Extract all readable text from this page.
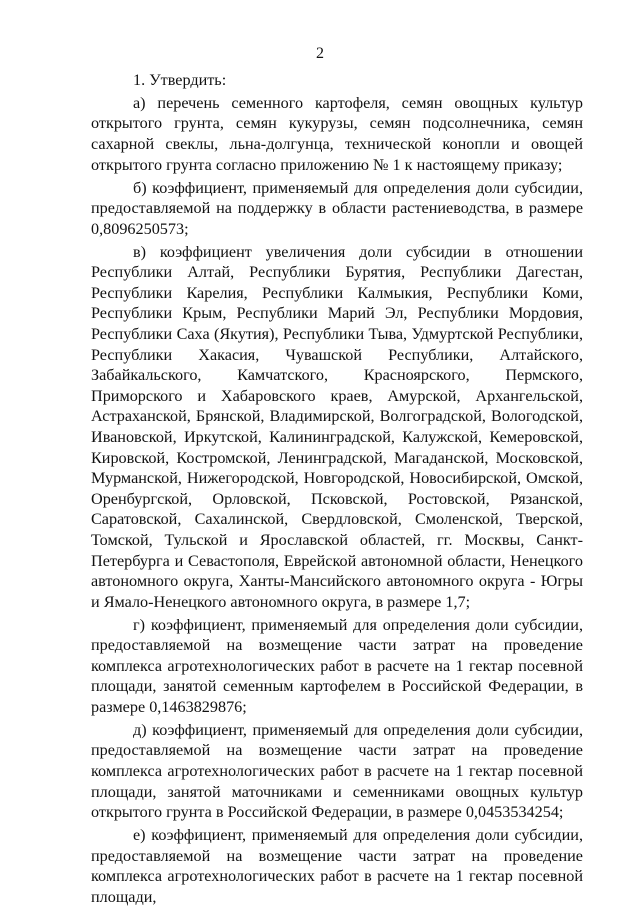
2

1. Утвердить:

а) перечень семенного картофеля, семян овощных культур открытого грунта, семян кукурузы, семян подсолнечника, семян сахарной свеклы, льна-долгунца, технической конопли и овощей открытого грунта согласно приложению № 1 к настоящему приказу;

б) коэффициент, применяемый для определения доли субсидии, предоставляемой на поддержку в области растениеводства, в размере 0,8096250573;

в) коэффициент увеличения доли субсидии в отношении Республики Алтай, Республики Бурятия, Республики Дагестан, Республики Карелия, Республики Калмыкия, Республики Коми, Республики Крым, Республики Марий Эл, Республики Мордовия, Республики Саха (Якутия), Республики Тыва, Удмуртской Республики, Республики Хакасия, Чувашской Республики, Алтайского, Забайкальского, Камчатского, Красноярского, Пермского, Приморского и Хабаровского краев, Амурской, Архангельской, Астраханской, Брянской, Владимирской, Волгоградской, Вологодской, Ивановской, Иркутской, Калининградской, Калужской, Кемеровской, Кировской, Костромской, Ленинградской, Магаданской, Московской, Мурманской, Нижегородской, Новгородской, Новосибирской, Омской, Оренбургской, Орловской, Псковской, Ростовской, Рязанской, Саратовской, Сахалинской, Свердловской, Смоленской, Тверской, Томской, Тульской и Ярославской областей, гг. Москвы, Санкт-Петербурга и Севастополя, Еврейской автономной области, Ненецкого автономного округа, Ханты-Мансийского автономного округа - Югры и Ямало-Ненецкого автономного округа, в размере 1,7;

г) коэффициент, применяемый для определения доли субсидии, предоставляемой на возмещение части затрат на проведение комплекса агротехнологических работ в расчете на 1 гектар посевной площади, занятой семенным картофелем в Российской Федерации, в размере 0,1463829876;

д) коэффициент, применяемый для определения доли субсидии, предоставляемой на возмещение части затрат на проведение комплекса агротехнологических работ в расчете на 1 гектар посевной площади, занятой маточниками и семенниками овощных культур открытого грунта в Российской Федерации, в размере 0,0453534254;

е) коэффициент, применяемый для определения доли субсидии, предоставляемой на возмещение части затрат на проведение комплекса агротехнологических работ в расчете на 1 гектар посевной площади,
